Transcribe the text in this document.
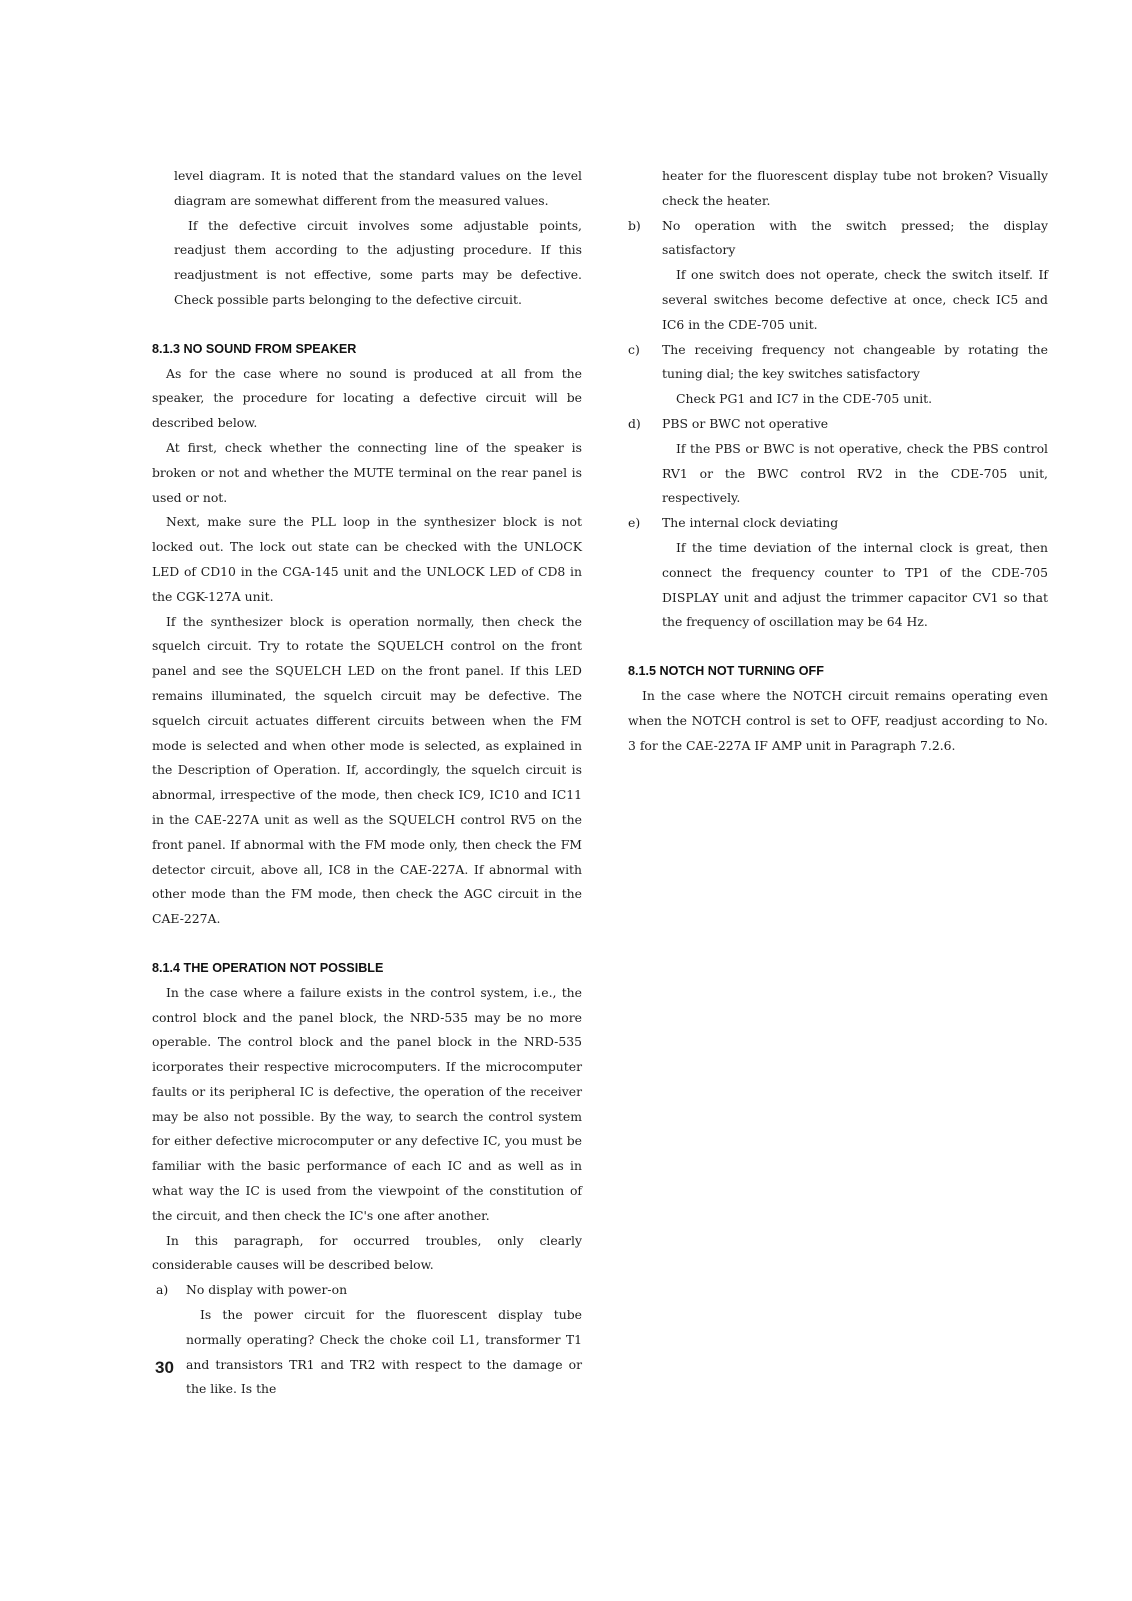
level diagram. It is noted that the standard values on the level diagram are somewhat different from the measured values.

If the defective circuit involves some adjustable points, readjust them according to the adjusting procedure. If this readjustment is not effective, some parts may be defective. Check possible parts belonging to the defective circuit.

8.1.3 NO SOUND FROM SPEAKER

As for the case where no sound is produced at all from the speaker, the procedure for locating a defective circuit will be described below.

At first, check whether the connecting line of the speaker is broken or not and whether the MUTE terminal on the rear panel is used or not.

Next, make sure the PLL loop in the synthesizer block is not locked out. The lock out state can be checked with the UNLOCK LED of CD10 in the CGA-145 unit and the UNLOCK LED of CD8 in the CGK-127A unit.

If the synthesizer block is operation normally, then check the squelch circuit. Try to rotate the SQUELCH control on the front panel and see the SQUELCH LED on the front panel. If this LED remains illuminated, the squelch circuit may be defective. The squelch circuit actuates different circuits between when the FM mode is selected and when other mode is selected, as explained in the Description of Operation. If, accordingly, the squelch circuit is abnormal, irrespective of the mode, then check IC9, IC10 and IC11 in the CAE-227A unit as well as the SQUELCH control RV5 on the front panel. If abnormal with the FM mode only, then check the FM detector circuit, above all, IC8 in the CAE-227A. If abnormal with other mode than the FM mode, then check the AGC circuit in the CAE-227A.

8.1.4 THE OPERATION NOT POSSIBLE

In the case where a failure exists in the control system, i.e., the control block and the panel block, the NRD-535 may be no more operable. The control block and the panel block in the NRD-535 icorporates their respective microcomputers. If the microcomputer faults or its peripheral IC is defective, the operation of the receiver may be also not possible. By the way, to search the control system for either defective microcomputer or any defective IC, you must be familiar with the basic performance of each IC and as well as in what way the IC is used from the viewpoint of the constitution of the circuit, and then check the IC's one after another.

In this paragraph, for occurred troubles, only clearly considerable causes will be described below.

a)	No display with power-on

Is the power circuit for the fluorescent display tube normally operating? Check the choke coil L1, transformer T1 and transistors TR1 and TR2 with respect to the damage or the like. Is the

heater for the fluorescent display tube not broken? Visually check the heater.

b)	No operation with the switch pressed; the display satisfactory

If one switch does not operate, check the switch itself. If several switches become defective at once, check IC5 and IC6 in the CDE-705 unit.

c)	The receiving frequency not changeable by rotating the tuning dial; the key switches satisfactory

Check PG1 and IC7 in the CDE-705 unit.

d)	PBS or BWC not operative

If the PBS or BWC is not operative, check the PBS control RV1 or the BWC control RV2 in the CDE-705 unit, respectively.

e)	The internal clock deviating

If the time deviation of the internal clock is great, then connect the frequency counter to TP1 of the CDE-705 DISPLAY unit and adjust the trimmer capacitor CV1 so that the frequency of oscillation may be 64 Hz.

8.1.5 NOTCH NOT TURNING OFF

In the case where the NOTCH circuit remains operating even when the NOTCH control is set to OFF, readjust according to No. 3 for the CAE-227A IF AMP unit in Paragraph 7.2.6.

30
